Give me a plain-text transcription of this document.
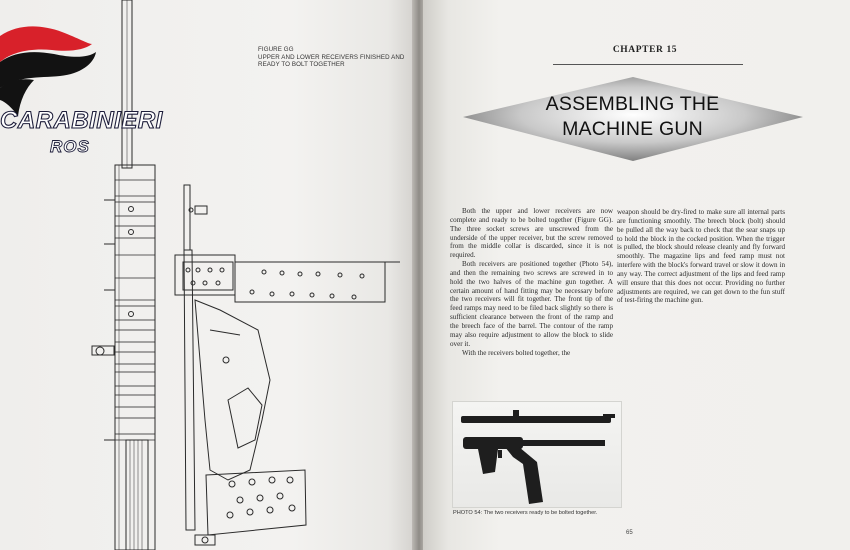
FIGURE GG
UPPER AND LOWER RECEIVERS FINISHED AND READY TO BOLT TOGETHER
CHAPTER 15
ASSEMBLING THE
MACHINE GUN

Both the upper and lower receivers are now complete and ready to be bolted together (Figure GG). The three socket screws are unscrewed from the underside of the upper receiver, but the screw removed from the middle collar is discarded, since it is not required.

Both receivers are positioned together (Photo 54), and then the remaining two screws are screwed in to hold the two halves of the machine gun together. A certain amount of hand fitting may be necessary before the two receivers will fit together. The front tip of the feed ramps may need to be filed back slightly so there is sufficient clearance between the front of the ramp and the breech face of the barrel. The contour of the ramp may also require adjustment to allow the block to slide over it.

With the receivers bolted together, the

weapon should be dry-fired to make sure all internal parts are functioning smoothly. The breech block (bolt) should be pulled all the way back to check that the sear snaps up to hold the block in the cocked position. When the trigger is pulled, the block should release cleanly and fly forward smoothly. The magazine lips and feed ramp must not interfere with the block's forward travel or slow it down in any way. The correct adjustment of the lips and feed ramp will ensure that this does not occur. Providing no further adjustments are required, we can get down to the fun stuff of test-firing the machine gun.

PHOTO 54: The two receivers ready to be bolted together.
65
CARABINIERI
ROS
